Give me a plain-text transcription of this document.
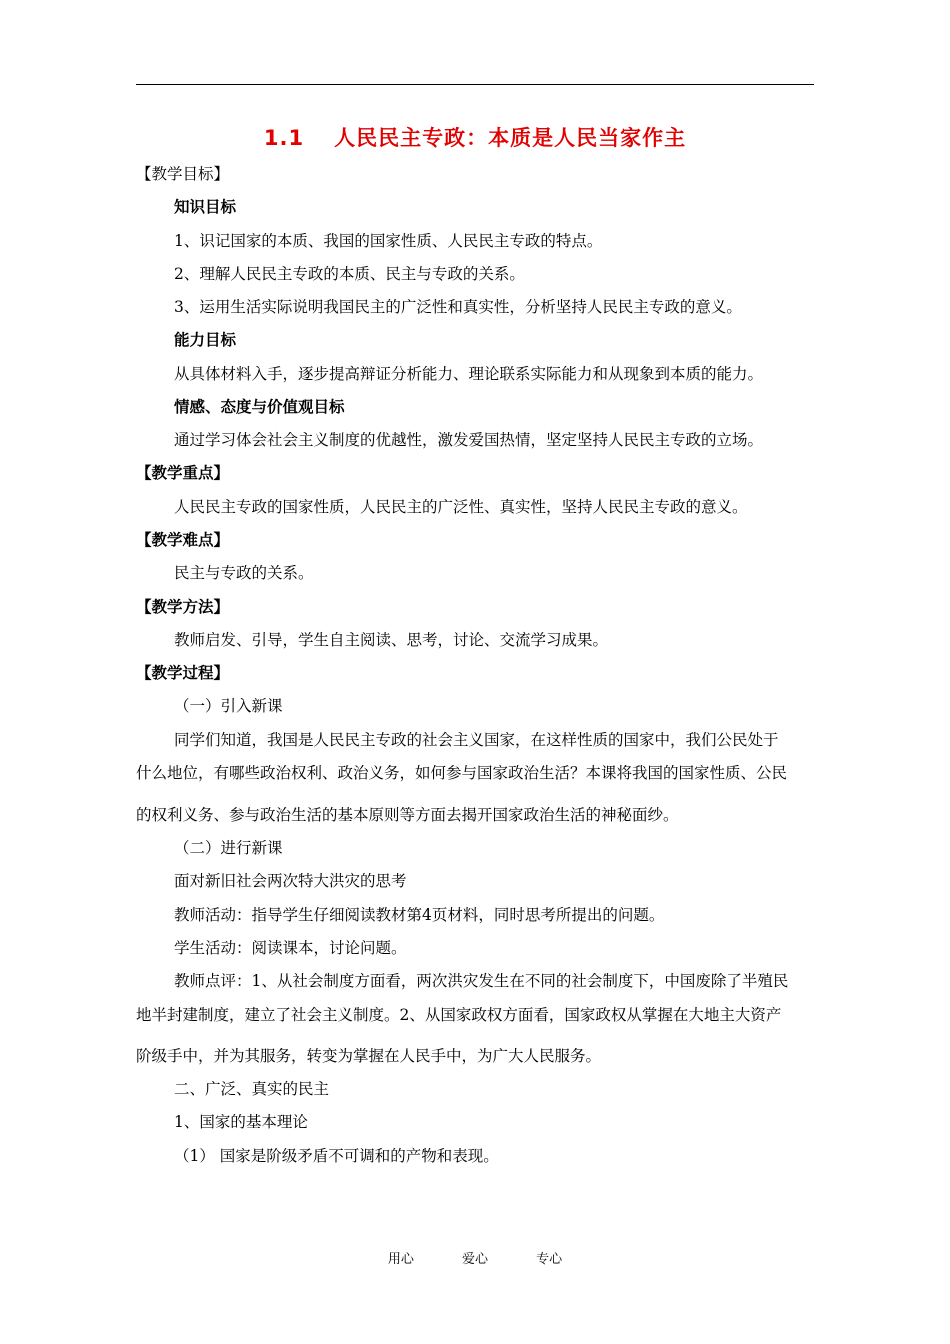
1.1 人民民主专政：本质是人民当家作主
【教学目标】
知识目标
1、识记国家的本质、我国的国家性质、人民民主专政的特点。
2、理解人民民主专政的本质、民主与专政的关系。
3、运用生活实际说明我国民主的广泛性和真实性，分析坚持人民民主专政的意义。
能力目标
从具体材料入手，逐步提高辩证分析能力、理论联系实际能力和从现象到本质的能力。
情感、态度与价值观目标
通过学习体会社会主义制度的优越性，激发爱国热情，坚定坚持人民民主专政的立场。
【教学重点】
人民民主专政的国家性质，人民民主的广泛性、真实性，坚持人民民主专政的意义。
【教学难点】
民主与专政的关系。
【教学方法】
教师启发、引导，学生自主阅读、思考，讨论、交流学习成果。
【教学过程】
（一）引入新课
同学们知道，我国是人民民主专政的社会主义国家，在这样性质的国家中，我们公民处于
什么地位，有哪些政治权利、政治义务，如何参与国家政治生活？本课将我国的国家性质、公民
的权利义务、参与政治生活的基本原则等方面去揭开国家政治生活的神秘面纱。
（二）进行新课
面对新旧社会两次特大洪灾的思考
教师活动：指导学生仔细阅读教材第4页材料，同时思考所提出的问题。
学生活动：阅读课本，讨论问题。
教师点评：1、从社会制度方面看，两次洪灾发生在不同的社会制度下，中国废除了半殖民
地半封建制度，建立了社会主义制度。2、从国家政权方面看，国家政权从掌握在大地主大资产
阶级手中，并为其服务，转变为掌握在人民手中，为广大人民服务。
二、广泛、真实的民主
1、国家的基本理论
（1） 国家是阶级矛盾不可调和的产物和表现。
用心	爱心	专心
